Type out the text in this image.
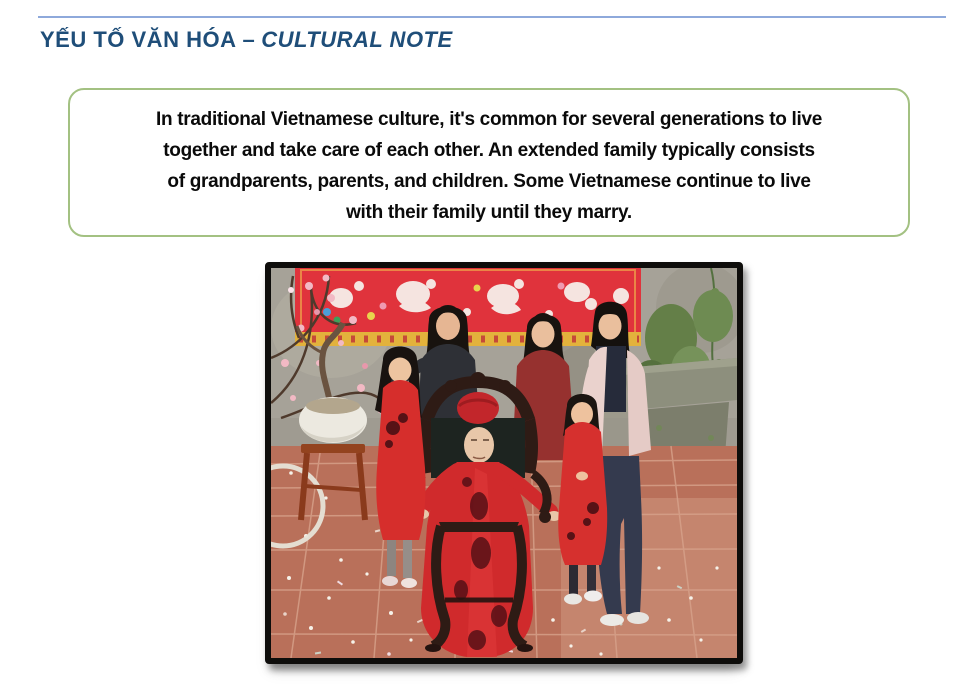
YẾU TỐ VĂN HÓA – CULTURAL NOTE

In traditional Vietnamese culture, it's common for several generations to live

together and take care of each other. An extended family typically consists

of grandparents, parents, and children. Some Vietnamese continue to live

with their family until they marry.
